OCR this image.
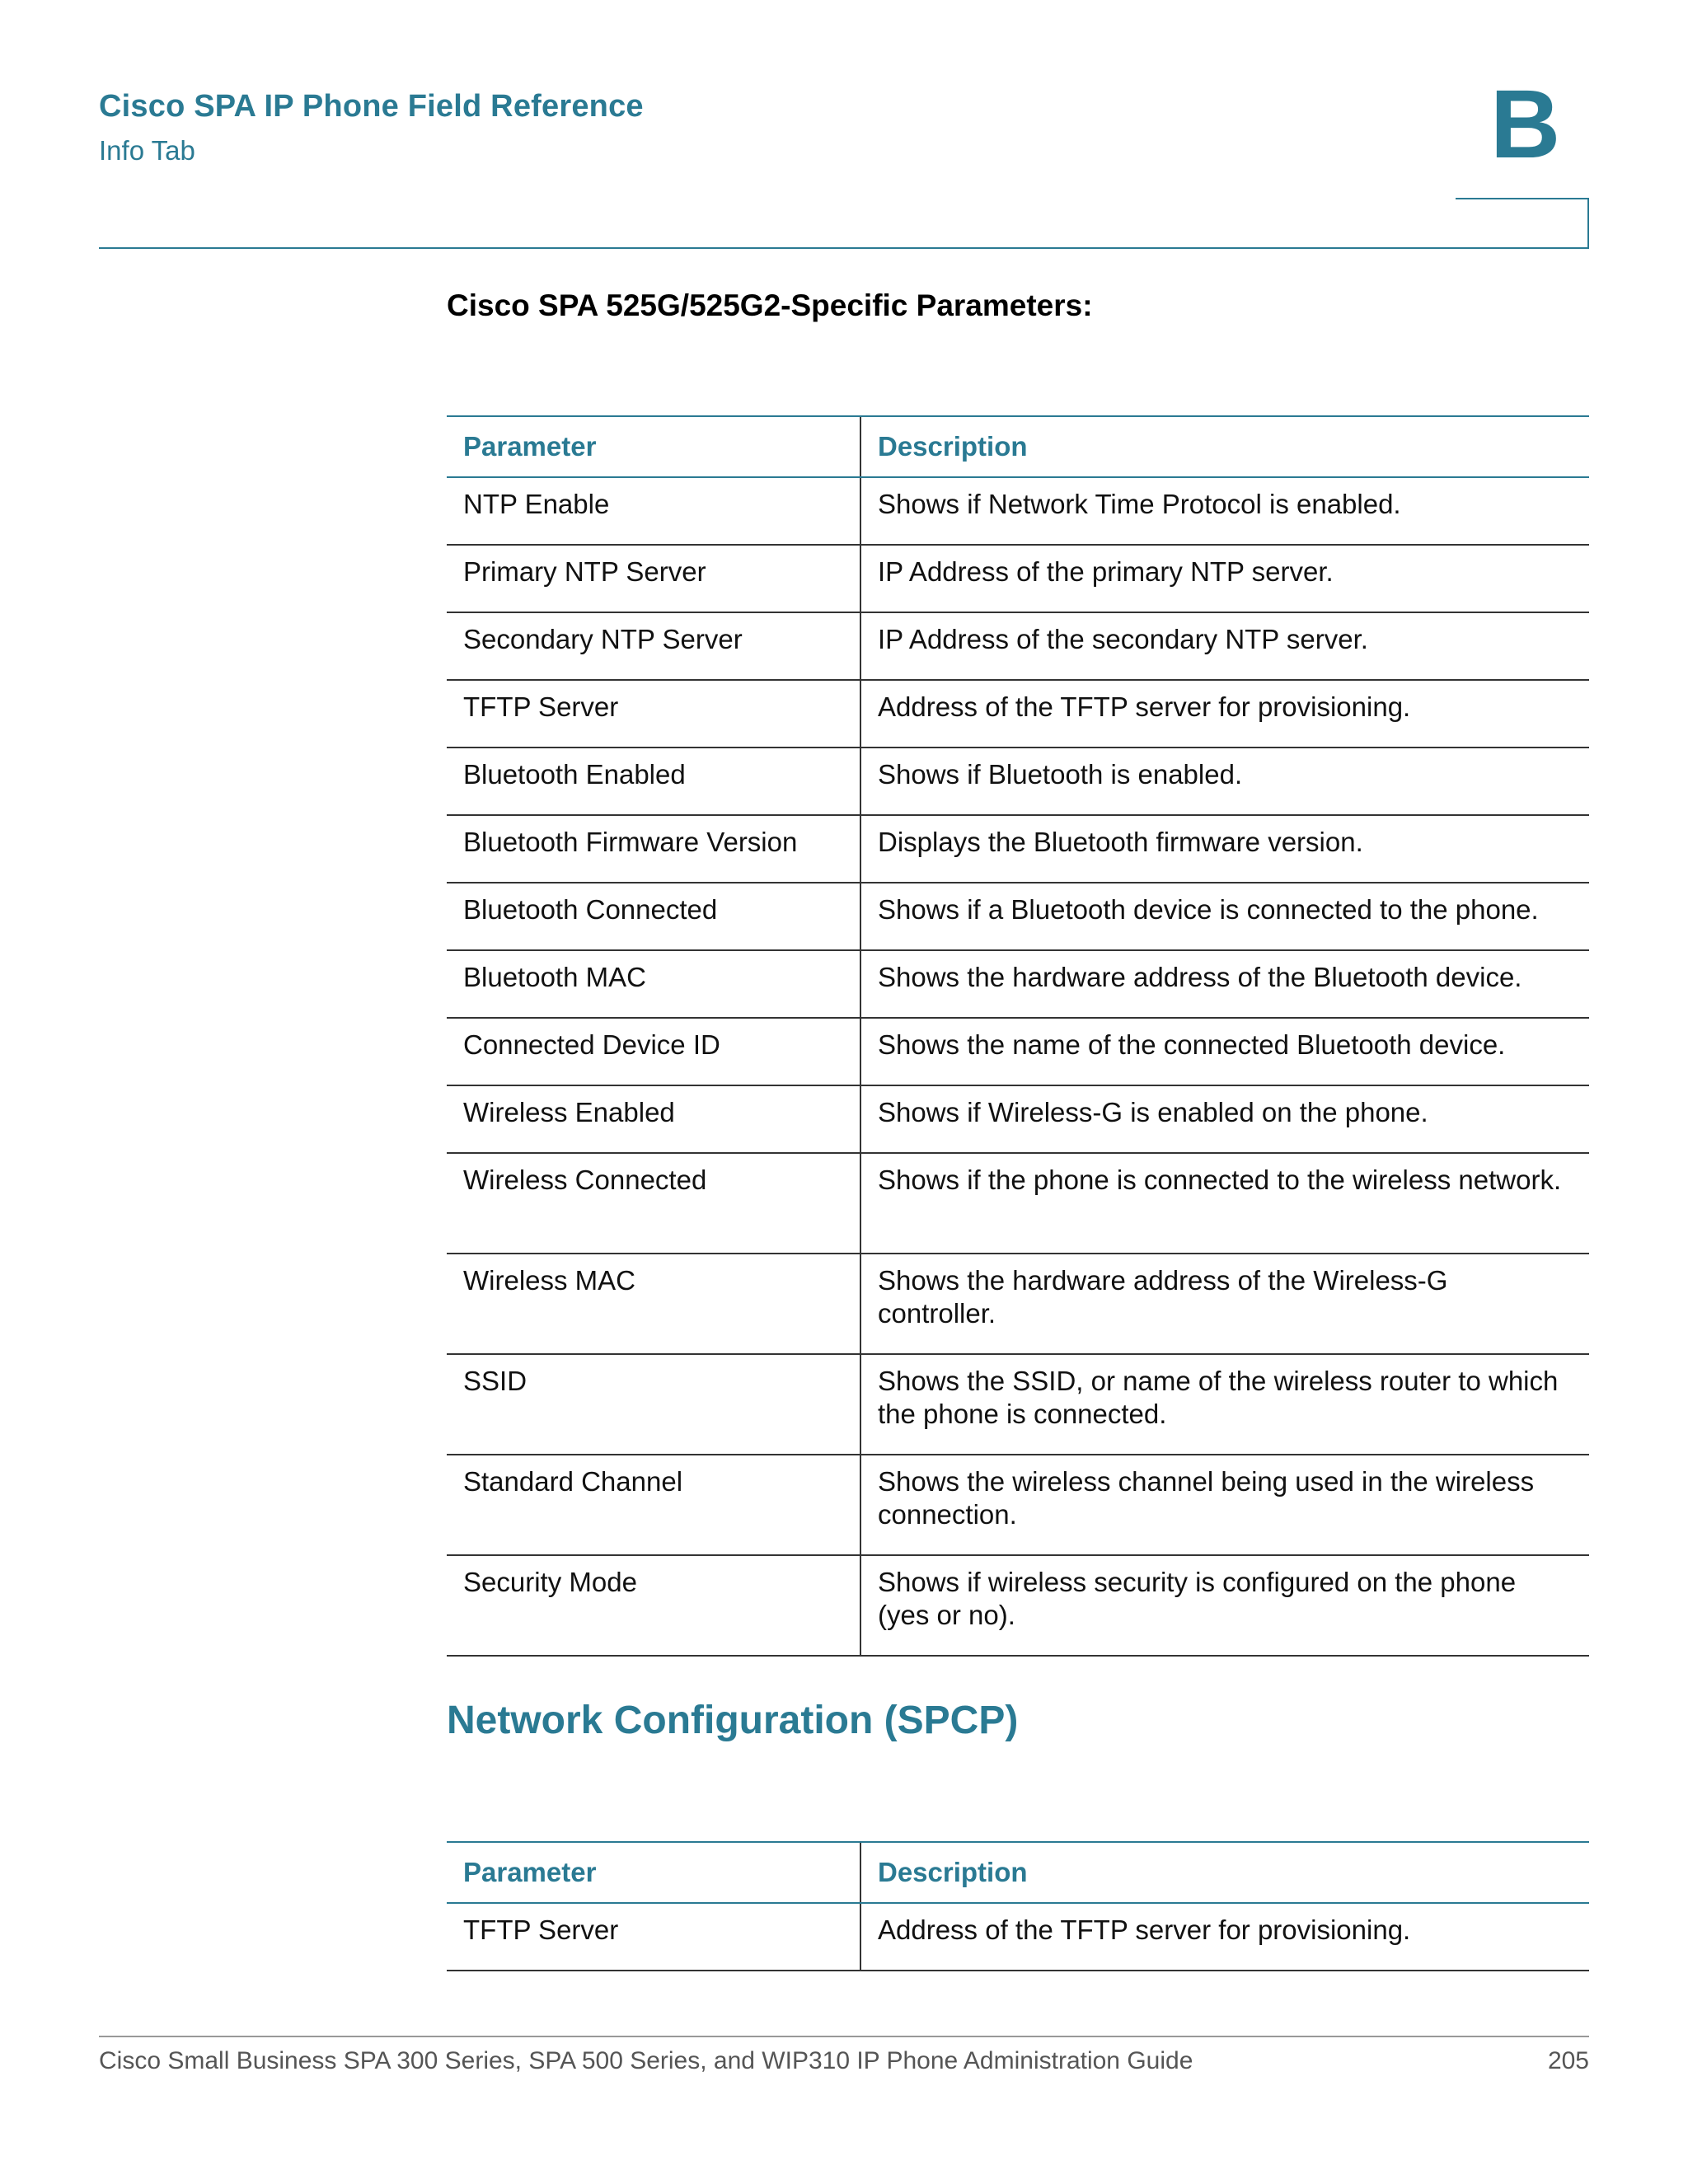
Cisco SPA IP Phone Field Reference
Info Tab	B
Cisco SPA 525G/525G2-Specific Parameters:
Parameter	Description
NTP Enable	Shows if Network Time Protocol is enabled.
Primary NTP Server	IP Address of the primary NTP server.
Secondary NTP Server	IP Address of the secondary NTP server.
TFTP Server	Address of the TFTP server for provisioning.
Bluetooth Enabled	Shows if Bluetooth is enabled.
Bluetooth Firmware Version	Displays the Bluetooth firmware version.
Bluetooth Connected	Shows if a Bluetooth device is connected to the phone.
Bluetooth MAC	Shows the hardware address of the Bluetooth device.
Connected Device ID	Shows the name of the connected Bluetooth device.
Wireless Enabled	Shows if Wireless-G is enabled on the phone.
Wireless Connected	Shows if the phone is connected to the wireless network.
Wireless MAC	Shows the hardware address of the Wireless-G controller.
SSID	Shows the SSID, or name of the wireless router to which the phone is connected.
Standard Channel	Shows the wireless channel being used in the wireless connection.
Security Mode	Shows if wireless security is configured on the phone (yes or no).
Network Configuration (SPCP)
Parameter	Description
TFTP Server	Address of the TFTP server for provisioning.
Cisco Small Business SPA 300 Series, SPA 500 Series, and WIP310 IP Phone Administration Guide	205
